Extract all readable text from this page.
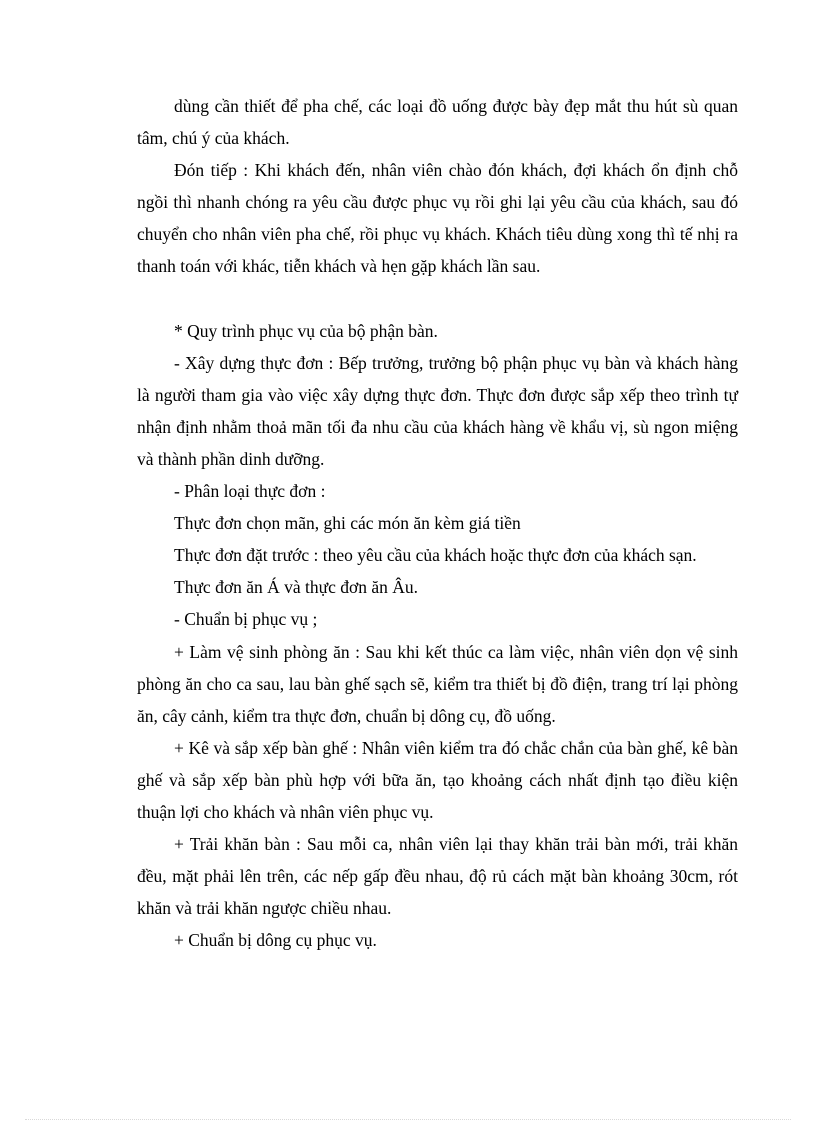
dùng cần thiết để pha chế, các loại đồ uống được bày đẹp mắt thu hút sù quan tâm, chú ý của khách.

Đón tiếp : Khi khách đến, nhân viên chào đón khách, đợi khách ổn định chỗ ngồi thì nhanh chóng ra yêu cầu được phục vụ rồi ghi lại yêu cầu của khách, sau đó chuyển cho nhân viên pha chế, rồi phục vụ khách. Khách tiêu dùng xong thì tế nhị ra thanh toán với khác, tiễn khách và hẹn gặp khách lần sau.

* Quy trình phục vụ của bộ phận bàn.

- Xây dựng thực đơn : Bếp trưởng, trưởng bộ phận phục vụ bàn và khách hàng là người tham gia vào việc xây dựng thực đơn. Thực đơn được sắp xếp theo trình tự nhận định nhằm thoả mãn tối đa nhu cầu của khách hàng về khẩu vị, sù ngon miệng và thành phần dinh dưỡng.

- Phân loại thực đơn :

Thực đơn chọn mãn, ghi các món ăn kèm giá tiền

Thực đơn đặt trước : theo yêu cầu của khách hoặc thực đơn của khách sạn.

Thực đơn ăn Á và thực đơn ăn Âu.

- Chuẩn bị phục vụ ;

+ Làm vệ sinh phòng ăn : Sau khi kết thúc ca làm việc, nhân viên dọn vệ sinh phòng ăn cho ca sau, lau bàn ghế sạch sẽ, kiểm tra thiết bị đồ điện, trang trí lại phòng ăn, cây cảnh, kiểm tra thực đơn, chuẩn bị dông cụ, đồ uống.

+ Kê và sắp xếp bàn ghế : Nhân viên kiểm tra đó chắc chắn của bàn ghế, kê bàn ghế và sắp xếp bàn phù hợp với bữa ăn, tạo khoảng cách nhất định tạo điều kiện thuận lợi cho khách và nhân viên phục vụ.

+ Trải khăn bàn : Sau mỗi ca, nhân viên lại thay khăn trải bàn mới, trải khăn đều, mặt phải lên trên, các nếp gấp đều nhau, độ rủ cách mặt bàn khoảng 30cm, rót khăn và trải khăn ngược chiều nhau.

+ Chuẩn bị dông cụ phục vụ.
